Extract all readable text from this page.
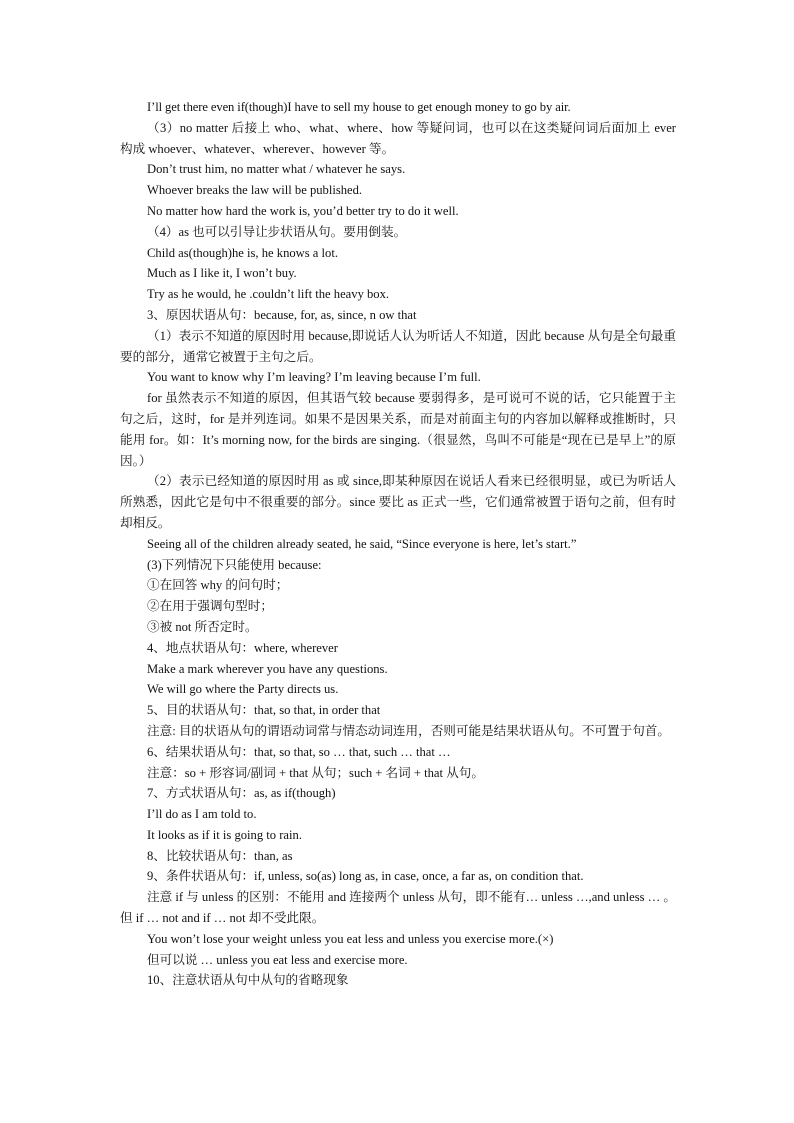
I’ll get there even if(though)I have to sell my house to get enough money to go by air.
（3）no matter 后接上 who、what、where、how 等疑问词，也可以在这类疑问词后面加上 ever 构成 whoever、whatever、wherever、however 等。
Don’t trust him, no matter what / whatever he says.
Whoever breaks the law will be published.
No matter how hard the work is, you’d better try to do it well.
（4）as 也可以引导让步状语从句。要用倒装。
Child as(though)he is, he knows a lot.
Much as I like it, I won’t buy.
Try as he would, he .couldn’t lift the heavy box.
3、原因状语从句：because, for, as, since, n ow that
（1）表示不知道的原因时用 because,即说话人认为听话人不知道，因此 because 从句是全句最重要的部分，通常它被置于主句之后。
You want to know why I’m leaving? I’m leaving because I’m full.
for 虽然表示不知道的原因，但其语气较 because 要弱得多，是可说可不说的话，它只能置于主句之后，这时，for 是并列连词。如果不是因果关系，而是对前面主句的内容加以解释或推断时，只能用 for。如：It’s morning now, for the birds are singing.（很显然，鸟叫不可能是“现在已是早上”的原因。）
（2）表示已经知道的原因时用 as 或 since,即某种原因在说话人看来已经很明显，或已为听话人所熟悉，因此它是句中不很重要的部分。since 要比 as 正式一些，它们通常被置于语句之前，但有时却相反。
Seeing all of the children already seated, he said, “Since everyone is here, let’s start.”
(3)下列情况下只能使用 because:
①在回答 why 的问句时；
②在用于强调句型时；
③被 not 所否定时。
4、地点状语从句：where, wherever
Make a mark wherever you have any questions.
We will go where the Party directs us.
5、目的状语从句：that, so that, in order that
注意: 目的状语从句的谓语动词常与情态动词连用，否则可能是结果状语从句。不可置于句首。
6、结果状语从句：that, so that, so … that, such … that …
注意：so + 形容词/副词 + that 从句；such + 名词 + that 从句。
7、方式状语从句：as, as if(though)
I’ll do as I am told to.
It looks as if it is going to rain.
8、比较状语从句：than, as
9、条件状语从句：if, unless, so(as) long as, in case, once, a far as, on condition that.
注意 if 与 unless 的区别：不能用 and 连接两个 unless 从句，即不能有… unless …,and unless … 。但 if … not and if … not 却不受此限。
You won’t lose your weight unless you eat less and unless you exercise more.(×)
但可以说 … unless you eat less and exercise more.
10、注意状语从句中从句的省略现象
